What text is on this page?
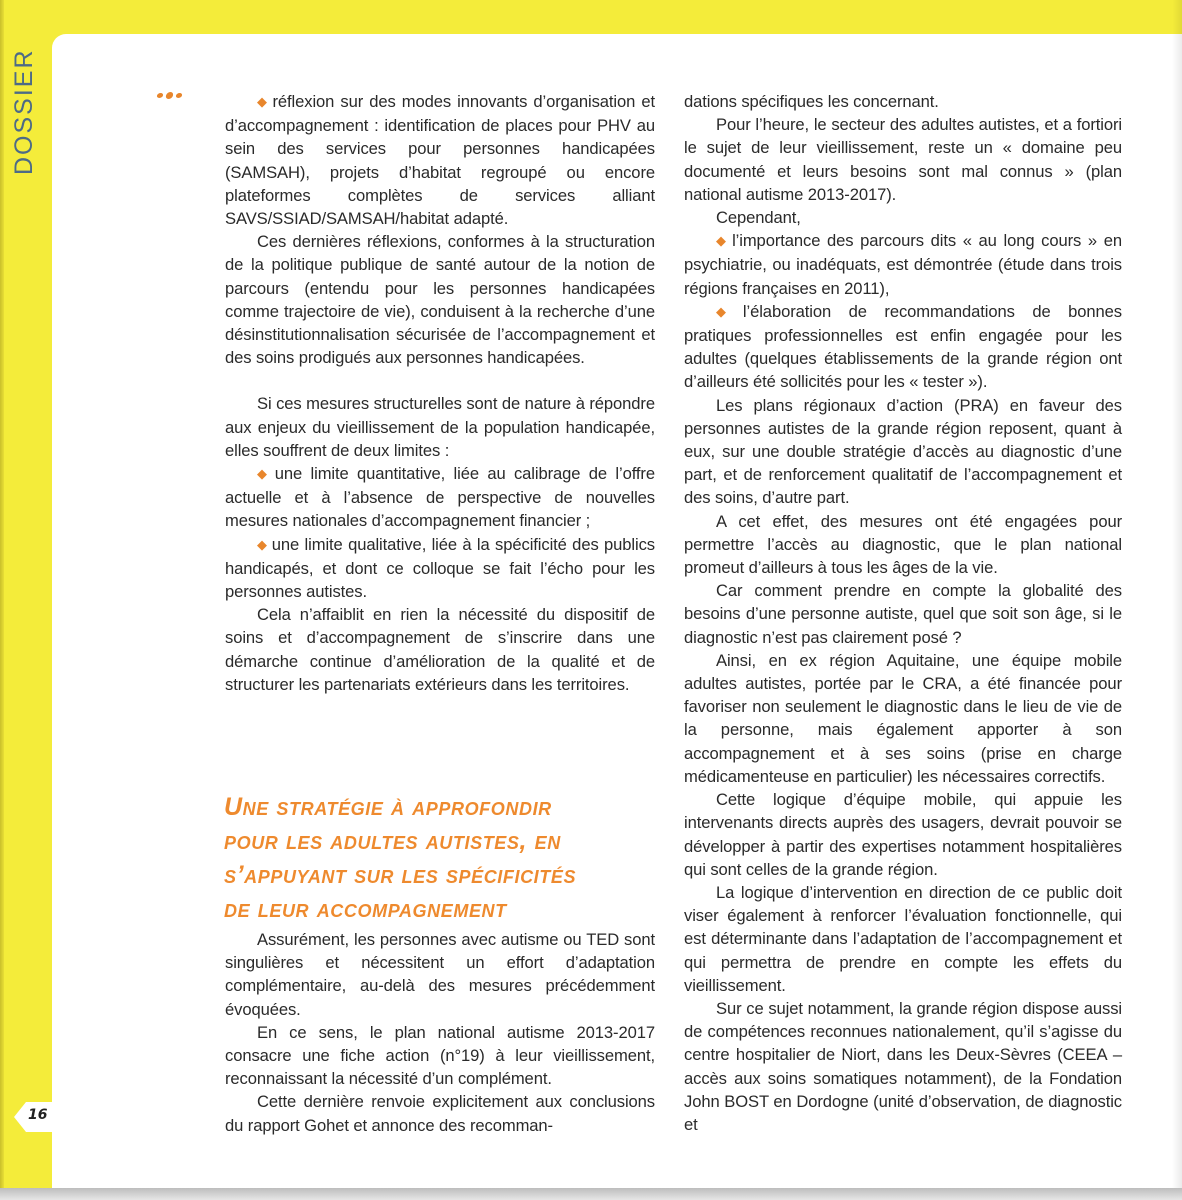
DOSSIER
16

◆ réflexion sur des modes innovants d’organisation et d’accompagnement : identification de places pour PHV au sein des services pour personnes handicapées (SAMSAH), projets d’habitat regroupé ou encore plateformes complètes de services alliant SAVS/SSIAD/SAMSAH/habitat adapté.

Ces dernières réflexions, conformes à la structuration de la politique publique de santé autour de la notion de parcours (entendu pour les personnes handicapées comme trajectoire de vie), conduisent à la recherche d’une désinstitutionnalisation sécurisée de l’accompagnement et des soins prodigués aux personnes handicapées.

Si ces mesures structurelles sont de nature à répondre aux enjeux du vieillissement de la population handicapée, elles souffrent de deux limites :

◆ une limite quantitative, liée au calibrage de l’offre actuelle et à l’absence de perspective de nouvelles mesures nationales d’accompagnement financier ;

◆ une limite qualitative, liée à la spécificité des publics handicapés, et dont ce colloque se fait l’écho pour les personnes autistes.

Cela n’affaiblit en rien la nécessité du dispositif de soins et d’accompagnement de s’inscrire dans une démarche continue d’amélioration de la qualité et de structurer les partenariats extérieurs dans les territoires.

Une stratégie à approfondir
pour les adultes autistes, en
s’appuyant sur les spécificités
de leur accompagnement

Assurément, les personnes avec autisme ou TED sont singulières et nécessitent un effort d’adaptation complémentaire, au-delà des mesures précédemment évoquées.

En ce sens, le plan national autisme 2013-2017 consacre une fiche action (n°19) à leur vieillissement, reconnaissant la nécessité d’un complément.

Cette dernière renvoie explicitement aux conclusions du rapport Gohet et annonce des recomman-

dations spécifiques les concernant.

Pour l’heure, le secteur des adultes autistes, et a fortiori le sujet de leur vieillissement, reste un « domaine peu documenté et leurs besoins sont mal connus » (plan national autisme 2013-2017).

Cependant,

◆ l’importance des parcours dits « au long cours » en psychiatrie, ou inadéquats, est démontrée (étude dans trois régions françaises en 2011),

◆ l’élaboration de recommandations de bonnes pratiques professionnelles est enfin engagée pour les adultes (quelques établissements de la grande région ont d’ailleurs été sollicités pour les « tester »).

Les plans régionaux d’action (PRA) en faveur des personnes autistes de la grande région reposent, quant à eux, sur une double stratégie d’accès au diagnostic d’une part, et de renforcement qualitatif de l’accompagnement et des soins, d’autre part.

A cet effet, des mesures ont été engagées pour permettre l’accès au diagnostic, que le plan national promeut d’ailleurs à tous les âges de la vie.

Car comment prendre en compte la globalité des besoins d’une personne autiste, quel que soit son âge, si le diagnostic n’est pas clairement posé ?

Ainsi, en ex région Aquitaine, une équipe mobile adultes autistes, portée par le CRA, a été financée pour favoriser non seulement le diagnostic dans le lieu de vie de la personne, mais également apporter à son accompagnement et à ses soins (prise en charge médicamenteuse en particulier) les nécessaires correctifs.

Cette logique d’équipe mobile, qui appuie les intervenants directs auprès des usagers, devrait pouvoir se développer à partir des expertises notamment hospitalières qui sont celles de la grande région.

La logique d’intervention en direction de ce public doit viser également à renforcer l’évaluation fonctionnelle, qui est déterminante dans l’adaptation de l’accompagnement et qui permettra de prendre en compte les effets du vieillissement.

Sur ce sujet notamment, la grande région dispose aussi de compétences reconnues nationalement, qu’il s’agisse du centre hospitalier de Niort, dans les Deux-Sèvres (CEEA – accès aux soins somatiques notamment), de la Fondation John BOST en Dordogne (unité d’observation, de diagnostic et
